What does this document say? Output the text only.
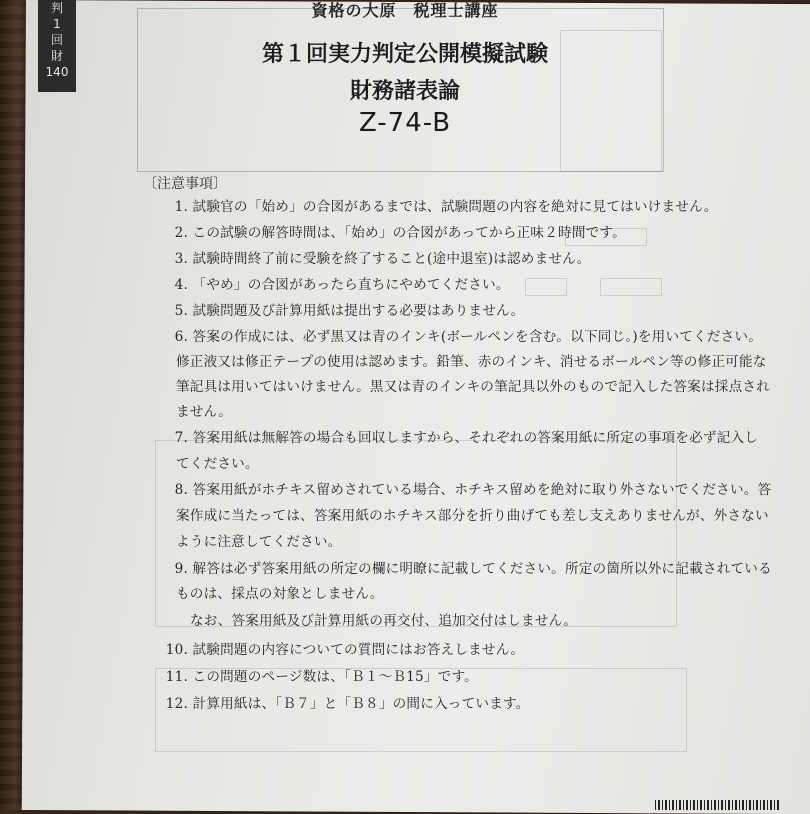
判
1
回
財
140
資格の大原　税理士講座
第１回実力判定公開模擬試験
財務諸表論
Z-74-B
〔注意事項〕
1. 試験官の「始め」の合図があるまでは、試験問題の内容を絶対に見てはいけません。
2. この試験の解答時間は、「始め」の合図があってから正味２時間です。
3. 試験時間終了前に受験を終了すること(途中退室)は認めません。
4. 「やめ」の合図があったら直ちにやめてください。
5. 試験問題及び計算用紙は提出する必要はありません。
6. 答案の作成には、必ず黒又は青のインキ(ボールペンを含む。以下同じ。)を用いてください。
修正液又は修正テープの使用は認めます。鉛筆、赤のインキ、消せるボールペン等の修正可能な
筆記具は用いてはいけません。黒又は青のインキの筆記具以外のもので記入した答案は採点され
ません。
7. 答案用紙は無解答の場合も回収しますから、それぞれの答案用紙に所定の事項を必ず記入し
てください。
8. 答案用紙がホチキス留めされている場合、ホチキス留めを絶対に取り外さないでください。答
案作成に当たっては、答案用紙のホチキス部分を折り曲げても差し支えありませんが、外さない
ように注意してください。
9. 解答は必ず答案用紙の所定の欄に明瞭に記載してください。所定の箇所以外に記載されている
ものは、採点の対象としません。
なお、答案用紙及び計算用紙の再交付、追加交付はしません。
10. 試験問題の内容についての質問にはお答えしません。
11. この問題のページ数は、「Ｂ１～Ｂ15」です。
12. 計算用紙は、「Ｂ７」と「Ｂ８」の間に入っています。
